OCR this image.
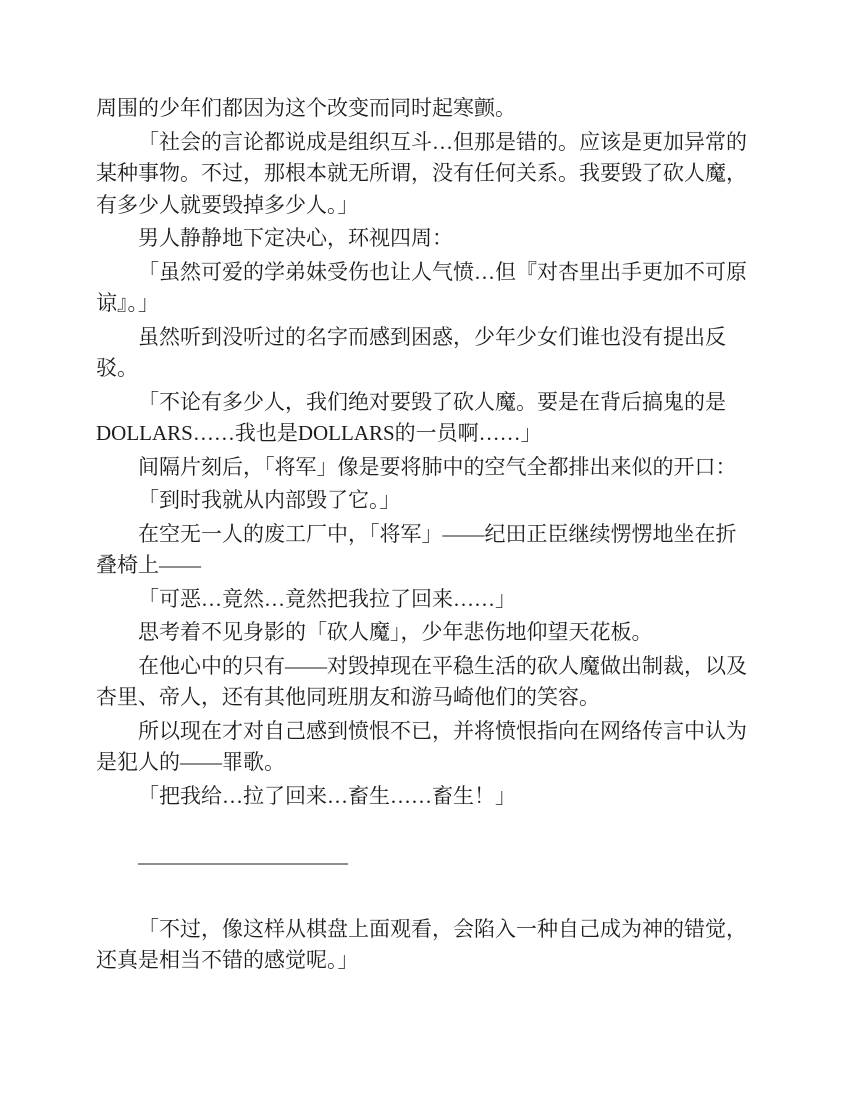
周围的少年们都因为这个改变而同时起寒颤。

「社会的言论都说成是组织互斗…但那是错的。应该是更加异常的某种事物。不过，那根本就无所谓，没有任何关系。我要毁了砍人魔，有多少人就要毁掉多少人。」

男人静静地下定决心，环视四周：

「虽然可爱的学弟妹受伤也让人气愤…但『对杏里出手更加不可原谅』。」

虽然听到没听过的名字而感到困惑，少年少女们谁也没有提出反驳。

「不论有多少人，我们绝对要毁了砍人魔。要是在背后搞鬼的是DOLLARS……我也是DOLLARS的一员啊……」

间隔片刻后，「将军」像是要将肺中的空气全都排出来似的开口：

「到时我就从内部毁了它。」

在空无一人的废工厂中，「将军」——纪田正臣继续愣愣地坐在折叠椅上——

「可恶…竟然…竟然把我拉了回来……」

思考着不见身影的「砍人魔」，少年悲伤地仰望天花板。

在他心中的只有——对毁掉现在平稳生活的砍人魔做出制裁，以及杏里、帝人，还有其他同班朋友和游马崎他们的笑容。

所以现在才对自己感到愤恨不已，并将愤恨指向在网络传言中认为是犯人的——罪歌。

「把我给…拉了回来…畜生……畜生！」

——————————

「不过，像这样从棋盘上面观看，会陷入一种自己成为神的错觉，还真是相当不错的感觉呢。」
